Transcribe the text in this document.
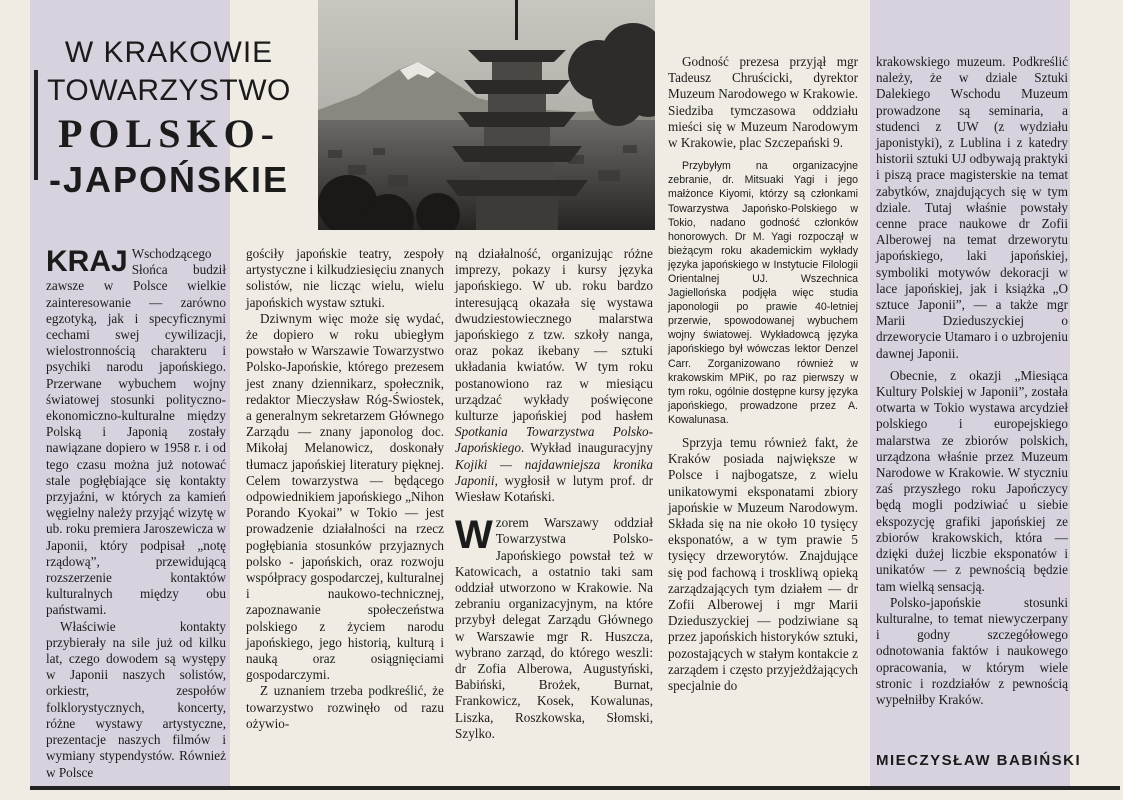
W KRAKOWIE
TOWARZYSTWO
POLSKO-
-JAPOŃSKIE

KRAJ Wschodzącego Słońca budził zawsze w Polsce wielkie zainteresowanie — zarówno egzotyką, jak i specyficznymi cechami swej cywilizacji, wielostronnością charakteru i psychiki narodu japońskiego. Przerwane wybuchem wojny światowej stosunki polityczno-ekonomiczno-kulturalne między Polską i Japonią zostały nawiązane dopiero w 1958 r. i od tego czasu można już notować stale pogłębiające się kontakty przyjaźni, w których za kamień węgielny należy przyjąć wizytę w ub. roku premiera Jaroszewicza w Japonii, który podpisał „notę rządową”, przewidującą rozszerzenie kontaktów kulturalnych między obu państwami.

Właściwie kontakty przybierały na sile już od kilku lat, czego dowodem są występy w Japonii naszych solistów, orkiestr, zespołów folklorystycznych, koncerty, różne wystawy artystyczne, prezentacje naszych filmów i wymiany stypendystów. Również w Polsce

gościły japońskie teatry, zespoły artystyczne i kilkudziesięciu znanych solistów, nie licząc wielu, wielu japońskich wystaw sztuki.

Dziwnym więc może się wydać, że dopiero w roku ubiegłym powstało w Warszawie Towarzystwo Polsko-Japońskie, którego prezesem jest znany dziennikarz, społecznik, redaktor Mieczysław Róg-Świostek, a generalnym sekretarzem Głównego Zarządu — znany japonolog doc. Mikołaj Melanowicz, doskonały tłumacz japońskiej literatury pięknej. Celem towarzystwa — będącego odpowiednikiem japońskiego „Nihon Porando Kyokai” w Tokio — jest prowadzenie działalności na rzecz pogłębiania stosunków przyjaznych polsko - japońskich, oraz rozwoju współpracy gospodarczej, kulturalnej i naukowo-technicznej, zapoznawanie społeczeństwa polskiego z życiem narodu japońskiego, jego historią, kulturą i nauką oraz osiągnięciami gospodarczymi.

Z uznaniem trzeba podkreślić, że towarzystwo rozwinęło od razu ożywio-

ną działalność, organizując różne imprezy, pokazy i kursy języka japońskiego. W ub. roku bardzo interesującą okazała się wystawa dwudziestowiecznego malarstwa japońskiego z tzw. szkoły nanga, oraz pokaz ikebany — sztuki układania kwiatów. W tym roku postanowiono raz w miesiącu urządzać wykłady poświęcone kulturze japońskiej pod hasłem Spotkania Towarzystwa Polsko-Japońskiego. Wykład inauguracyjny Kojiki — najdawniejsza kronika Japonii, wygłosił w lutym prof. dr Wiesław Kotański.

Wzorem Warszawy oddział Towarzystwa Polsko-Japońskiego powstał też w Katowicach, a ostatnio taki sam oddział utworzono w Krakowie. Na zebraniu organizacyjnym, na które przybył delegat Zarządu Głównego w Warszawie mgr R. Huszcza, wybrano zarząd, do którego weszli: dr Zofia Alberowa, Augustyński, Babiński, Brożek, Burnat, Frankowicz, Kosek, Kowalunas, Liszka, Roszkowska, Słomski, Szylko.

Godność prezesa przyjął mgr Tadeusz Chruścicki, dyrektor Muzeum Narodowego w Krakowie. Siedziba tymczasowa oddziału mieści się w Muzeum Narodowym w Krakowie, plac Szczepański 9.

Przybyłym na organizacyjne zebranie, dr. Mitsuaki Yagi i jego małżonce Kiyomi, którzy są członkami Towarzystwa Japońsko-Polskiego w Tokio, nadano godność członków honorowych. Dr M. Yagi rozpoczął w bieżącym roku akademickim wykłady języka japońskiego w Instytucie Filologii Orientalnej UJ. Wszechnica Jagiellońska podjęła więc studia japonologii po prawie 40-letniej przerwie, spowodowanej wybuchem wojny światowej. Wykładowcą języka japońskiego był wówczas lektor Denzel Carr. Zorganizowano również w krakowskim MPiK, po raz pierwszy w tym roku, ogólnie dostępne kursy języka japońskiego, prowadzone przez A. Kowalunasa.

Sprzyja temu również fakt, że Kraków posiada największe w Polsce i najbogatsze, z wielu unikatowymi eksponatami zbiory japońskie w Muzeum Narodowym. Składa się na nie około 10 tysięcy eksponatów, a w tym prawie 5 tysięcy drzeworytów. Znajdujące się pod fachową i troskliwą opieką zarządzających tym działem — dr Zofii Alberowej i mgr Marii Dzieduszyckiej — podziwiane są przez japońskich historyków sztuki, pozostających w stałym kontakcie z zarządem i często przyjeżdżających specjalnie do

krakowskiego muzeum. Podkreślić należy, że w dziale Sztuki Dalekiego Wschodu Muzeum prowadzone są seminaria, a studenci z UW (z wydziału japonistyki), z Lublina i z katedry historii sztuki UJ odbywają praktyki i piszą prace magisterskie na temat zabytków, znajdujących się w tym dziale. Tutaj właśnie powstały cenne prace naukowe dr Zofii Alberowej na temat drzeworytu japońskiego, laki japońskiej, symboliki motywów dekoracji w lace japońskiej, jak i książka „O sztuce Japonii”, — a także mgr Marii Dzieduszyckiej o drzeworycie Utamaro i o uzbrojeniu dawnej Japonii.

Obecnie, z okazji „Miesiąca Kultury Polskiej w Japonii”, została otwarta w Tokio wystawa arcydzieł polskiego i europejskiego malarstwa ze zbiorów polskich, urządzona właśnie przez Muzeum Narodowe w Krakowie. W styczniu zaś przyszłego roku Japończycy będą mogli podziwiać u siebie ekspozycję grafiki japońskiej ze zbiorów krakowskich, która — dzięki dużej liczbie eksponatów i unikatów — z pewnością będzie tam wielką sensacją.

Polsko-japońskie stosunki kulturalne, to temat niewyczerpany i godny szczegółowego odnotowania faktów i naukowego opracowania, w którym wiele stronic i rozdziałów z pewnością wypełniłby Kraków.

MIECZYSŁAW BABIŃSKI
